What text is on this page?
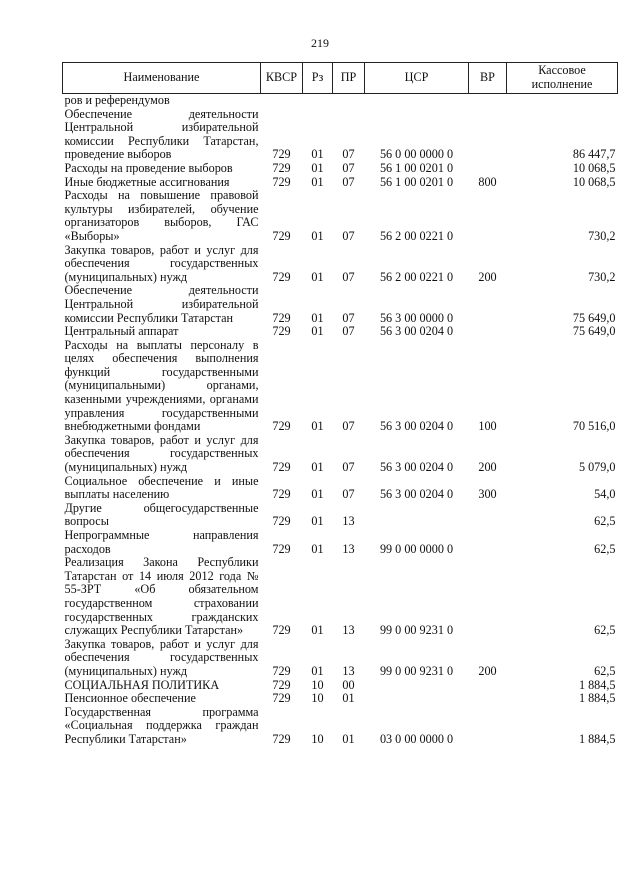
219
Наименование	КВСР	Рз	ПР	ЦСР	ВР	Кассовое исполнение
ров и референдумов						
Обеспечение деятельности Центральной избирательной комиссии Республики Татарстан, проведение выборов	729	01	07	56 0 00 0000 0		86 447,7
Расходы на проведение выборов	729	01	07	56 1 00 0201 0		10 068,5
Иные бюджетные ассигнования	729	01	07	56 1 00 0201 0	800	10 068,5
Расходы на повышение правовой культуры избирателей, обучение организаторов выборов, ГАС «Выборы»	729	01	07	56 2 00 0221 0		730,2
Закупка товаров, работ и услуг для обеспечения государственных (муниципальных) нужд	729	01	07	56 2 00 0221 0	200	730,2
Обеспечение деятельности Центральной избирательной комиссии Республики Татарстан	729	01	07	56 3 00 0000 0		75 649,0
Центральный аппарат	729	01	07	56 3 00 0204 0		75 649,0
Расходы на выплаты персоналу в целях обеспечения выполнения функций государственными (муниципальными) органами, казенными учреждениями, органами управления государственными внебюджетными фондами	729	01	07	56 3 00 0204 0	100	70 516,0
Закупка товаров, работ и услуг для обеспечения государственных (муниципальных) нужд	729	01	07	56 3 00 0204 0	200	5 079,0
Социальное обеспечение и иные выплаты населению	729	01	07	56 3 00 0204 0	300	54,0
Другие общегосударственные вопросы	729	01	13			62,5
Непрограммные направления расходов	729	01	13	99 0 00 0000 0		62,5
Реализация Закона Республики Татарстан от 14 июля 2012 года № 55-ЗРТ «Об обязательном государственном страховании государственных гражданских служащих Республики Татарстан»	729	01	13	99 0 00 9231 0		62,5
Закупка товаров, работ и услуг для обеспечения государственных (муниципальных) нужд	729	01	13	99 0 00 9231 0	200	62,5
СОЦИАЛЬНАЯ ПОЛИТИКА	729	10	00			1 884,5
Пенсионное обеспечение	729	10	01			1 884,5
Государственная программа «Социальная поддержка граждан Республики Татарстан»	729	10	01	03 0 00 0000 0		1 884,5
